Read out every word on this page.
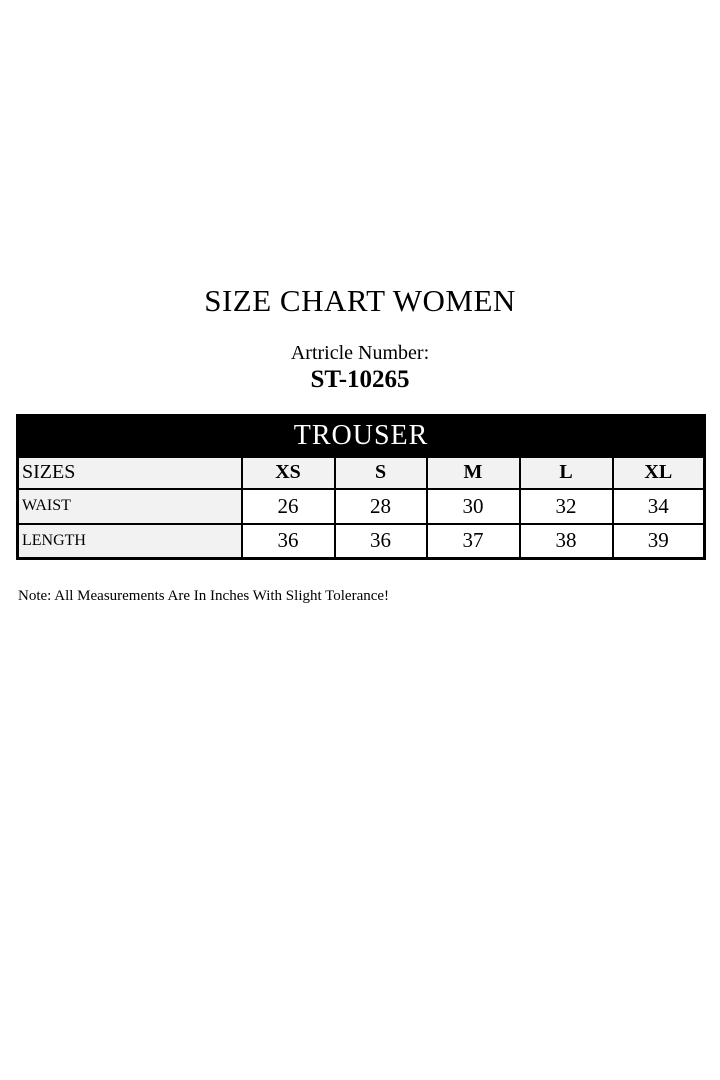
SIZE CHART WOMEN
Artricle Number:
ST-10265
TROUSER					
SIZES	XS	S	M	L	XL
WAIST	26	28	30	32	34
LENGTH	36	36	37	38	39
Note: All Measurements Are In Inches With Slight Tolerance!
